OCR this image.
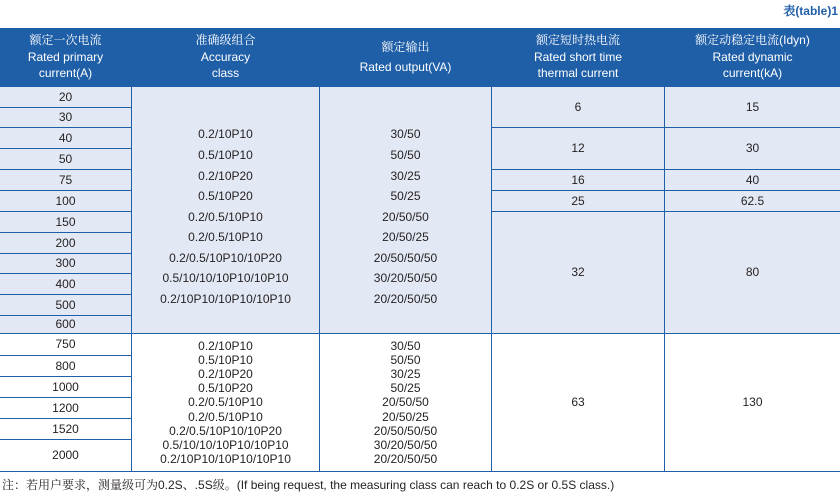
表(table)1
额定一次电流
Rated primary
current(A)
准确级组合
Accuracy
class
额定输出
Rated output(VA)
额定短时热电流
Rated short time
thermal current
额定动稳定电流(Idyn)
Rated dynamic
current(kA)
0.2/10P10
0.5/10P10
0.2/10P20
0.5/10P20
0.2/0.5/10P10
0.2/0.5/10P10
0.2/0.5/10P10/10P20
0.5/10/10/10P10/10P10
0.2/10P10/10P10/10P10
30/50
50/50
30/25
50/25
20/50/50
20/50/25
20/50/50/50
30/20/50/50
20/20/50/50
0.2/10P10
0.5/10P10
0.2/10P20
0.5/10P20
0.2/0.5/10P10
0.2/0.5/10P10
0.2/0.5/10P10/10P20
0.5/10/10/10P10/10P10
0.2/10P10/10P10/10P10
30/50
50/50
30/25
50/25
20/50/50
20/50/25
20/50/50/50
30/20/50/50
20/20/50/50
6
12
16
25
32
63
15
30
40
62.5
80
130
20
30
40
50
75
100
150
200
300
400
500
600
750
800
1000
1200
1520
2000
注：若用户要求，测量级可为0.2S、.5S级。(If being request, the measuring class can reach to 0.2S or 0.5S class.)
